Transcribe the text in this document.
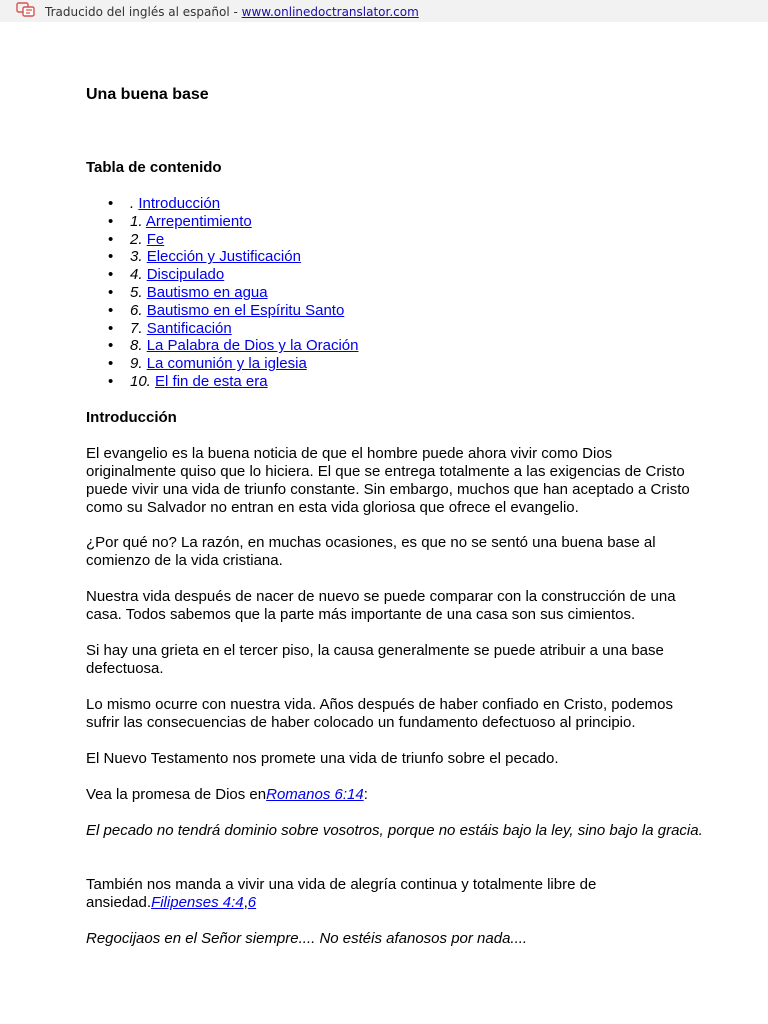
Traducido del inglés al español - www.onlinedoctranslator.com
Una buena base
Tabla de contenido
• . Introducción
• 1. Arrepentimiento
• 2. Fe
• 3. Elección y Justificación
• 4. Discipulado
• 5. Bautismo en agua
• 6. Bautismo en el Espíritu Santo
• 7. Santificación
• 8. La Palabra de Dios y la Oración
• 9. La comunión y la iglesia
• 10. El fin de esta era

Introducción

El evangelio es la buena noticia de que el hombre puede ahora vivir como Dios originalmente quiso que lo hiciera. El que se entrega totalmente a las exigencias de Cristo puede vivir una vida de triunfo constante. Sin embargo, muchos que han aceptado a Cristo como su Salvador no entran en esta vida gloriosa que ofrece el evangelio.

¿Por qué no? La razón, en muchas ocasiones, es que no se sentó una buena base al comienzo de la vida cristiana.

Nuestra vida después de nacer de nuevo se puede comparar con la construcción de una casa. Todos sabemos que la parte más importante de una casa son sus cimientos.

Si hay una grieta en el tercer piso, la causa generalmente se puede atribuir a una base defectuosa.

Lo mismo ocurre con nuestra vida. Años después de haber confiado en Cristo, podemos sufrir las consecuencias de haber colocado un fundamento defectuoso al principio.

El Nuevo Testamento nos promete una vida de triunfo sobre el pecado.

Vea la promesa de Dios enRomanos 6:14:

El pecado no tendrá dominio sobre vosotros, porque no estáis bajo la ley, sino bajo la gracia.

También nos manda a vivir una vida de alegría continua y totalmente libre de ansiedad.Filipenses 4:4,6

Regocijaos en el Señor siempre.... No estéis afanosos por nada....
